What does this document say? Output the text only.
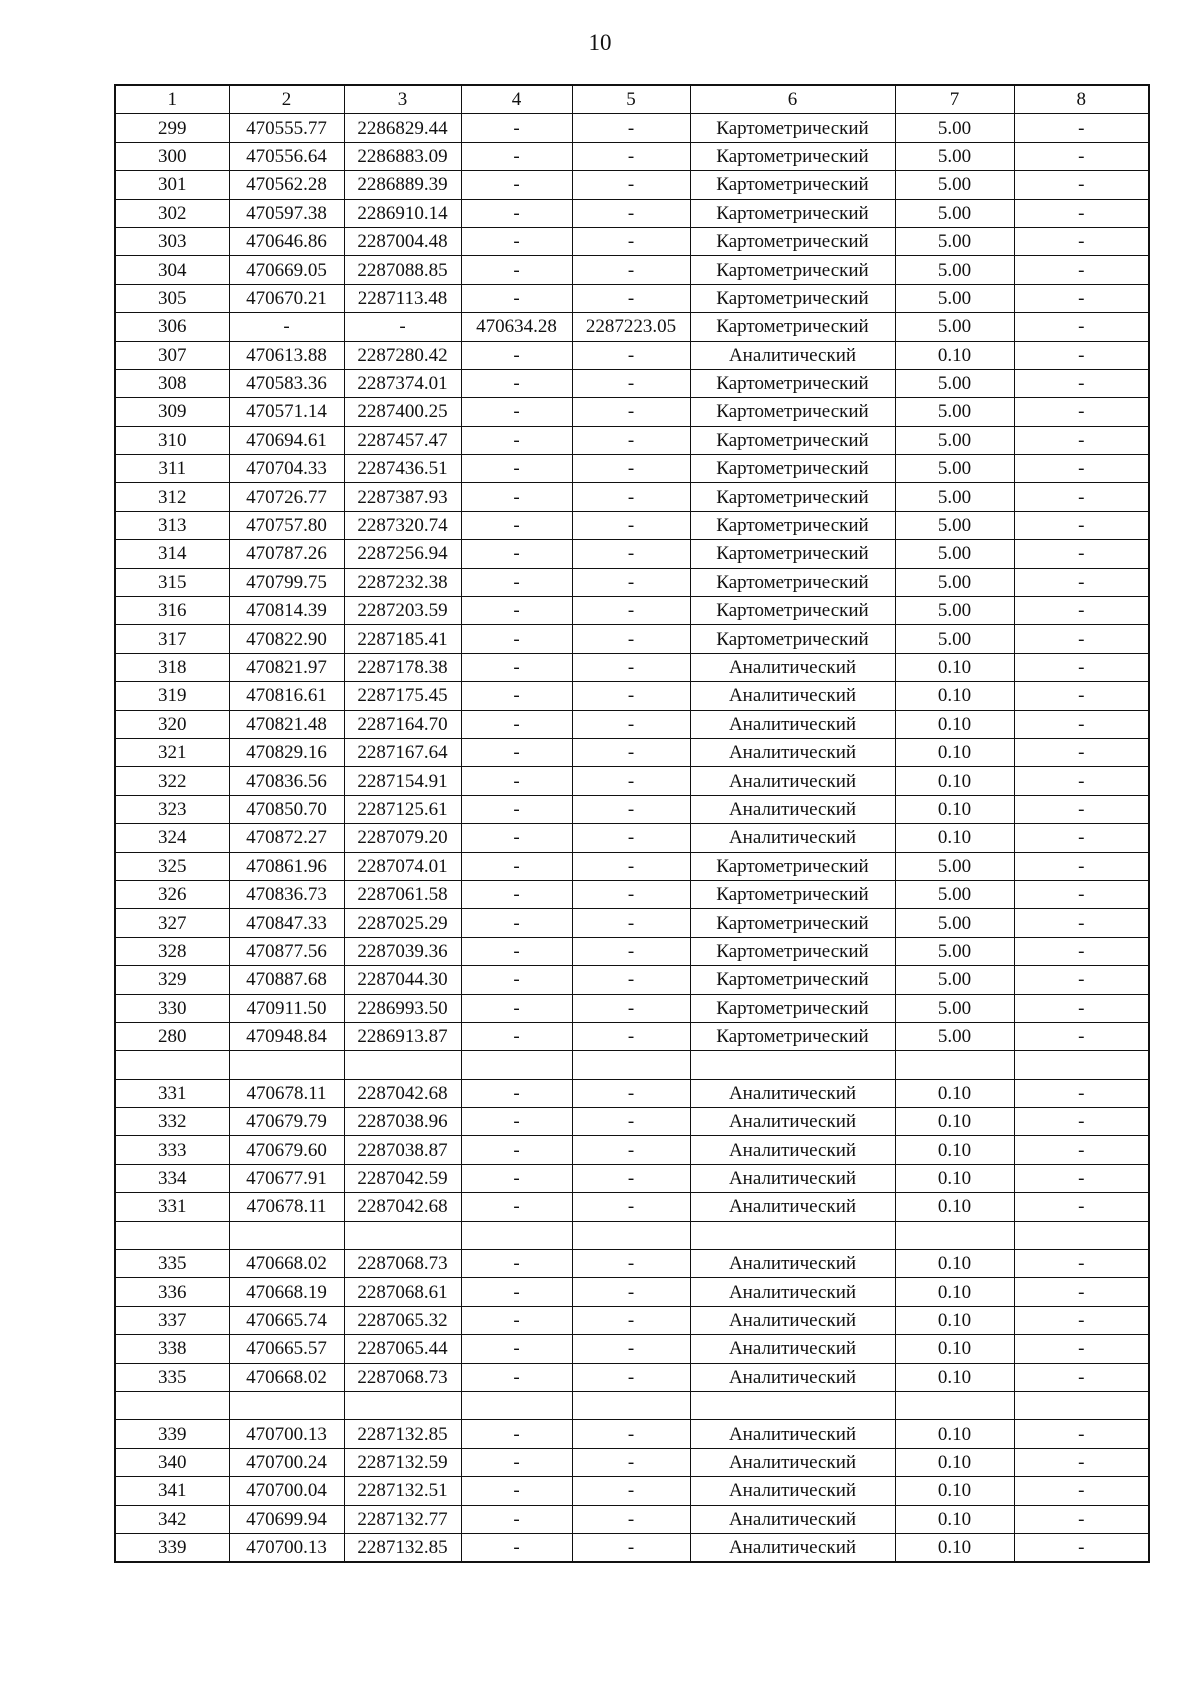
10
1	2	3	4	5	6	7	8
299	470555.77	2286829.44	-	-	Картометрический	5.00	-
300	470556.64	2286883.09	-	-	Картометрический	5.00	-
301	470562.28	2286889.39	-	-	Картометрический	5.00	-
302	470597.38	2286910.14	-	-	Картометрический	5.00	-
303	470646.86	2287004.48	-	-	Картометрический	5.00	-
304	470669.05	2287088.85	-	-	Картометрический	5.00	-
305	470670.21	2287113.48	-	-	Картометрический	5.00	-
306	-	-	470634.28	2287223.05	Картометрический	5.00	-
307	470613.88	2287280.42	-	-	Аналитический	0.10	-
308	470583.36	2287374.01	-	-	Картометрический	5.00	-
309	470571.14	2287400.25	-	-	Картометрический	5.00	-
310	470694.61	2287457.47	-	-	Картометрический	5.00	-
311	470704.33	2287436.51	-	-	Картометрический	5.00	-
312	470726.77	2287387.93	-	-	Картометрический	5.00	-
313	470757.80	2287320.74	-	-	Картометрический	5.00	-
314	470787.26	2287256.94	-	-	Картометрический	5.00	-
315	470799.75	2287232.38	-	-	Картометрический	5.00	-
316	470814.39	2287203.59	-	-	Картометрический	5.00	-
317	470822.90	2287185.41	-	-	Картометрический	5.00	-
318	470821.97	2287178.38	-	-	Аналитический	0.10	-
319	470816.61	2287175.45	-	-	Аналитический	0.10	-
320	470821.48	2287164.70	-	-	Аналитический	0.10	-
321	470829.16	2287167.64	-	-	Аналитический	0.10	-
322	470836.56	2287154.91	-	-	Аналитический	0.10	-
323	470850.70	2287125.61	-	-	Аналитический	0.10	-
324	470872.27	2287079.20	-	-	Аналитический	0.10	-
325	470861.96	2287074.01	-	-	Картометрический	5.00	-
326	470836.73	2287061.58	-	-	Картометрический	5.00	-
327	470847.33	2287025.29	-	-	Картометрический	5.00	-
328	470877.56	2287039.36	-	-	Картометрический	5.00	-
329	470887.68	2287044.30	-	-	Картометрический	5.00	-
330	470911.50	2286993.50	-	-	Картометрический	5.00	-
280	470948.84	2286913.87	-	-	Картометрический	5.00	-

331	470678.11	2287042.68	-	-	Аналитический	0.10	-
332	470679.79	2287038.96	-	-	Аналитический	0.10	-
333	470679.60	2287038.87	-	-	Аналитический	0.10	-
334	470677.91	2287042.59	-	-	Аналитический	0.10	-
331	470678.11	2287042.68	-	-	Аналитический	0.10	-

335	470668.02	2287068.73	-	-	Аналитический	0.10	-
336	470668.19	2287068.61	-	-	Аналитический	0.10	-
337	470665.74	2287065.32	-	-	Аналитический	0.10	-
338	470665.57	2287065.44	-	-	Аналитический	0.10	-
335	470668.02	2287068.73	-	-	Аналитический	0.10	-

339	470700.13	2287132.85	-	-	Аналитический	0.10	-
340	470700.24	2287132.59	-	-	Аналитический	0.10	-
341	470700.04	2287132.51	-	-	Аналитический	0.10	-
342	470699.94	2287132.77	-	-	Аналитический	0.10	-
339	470700.13	2287132.85	-	-	Аналитический	0.10	-
